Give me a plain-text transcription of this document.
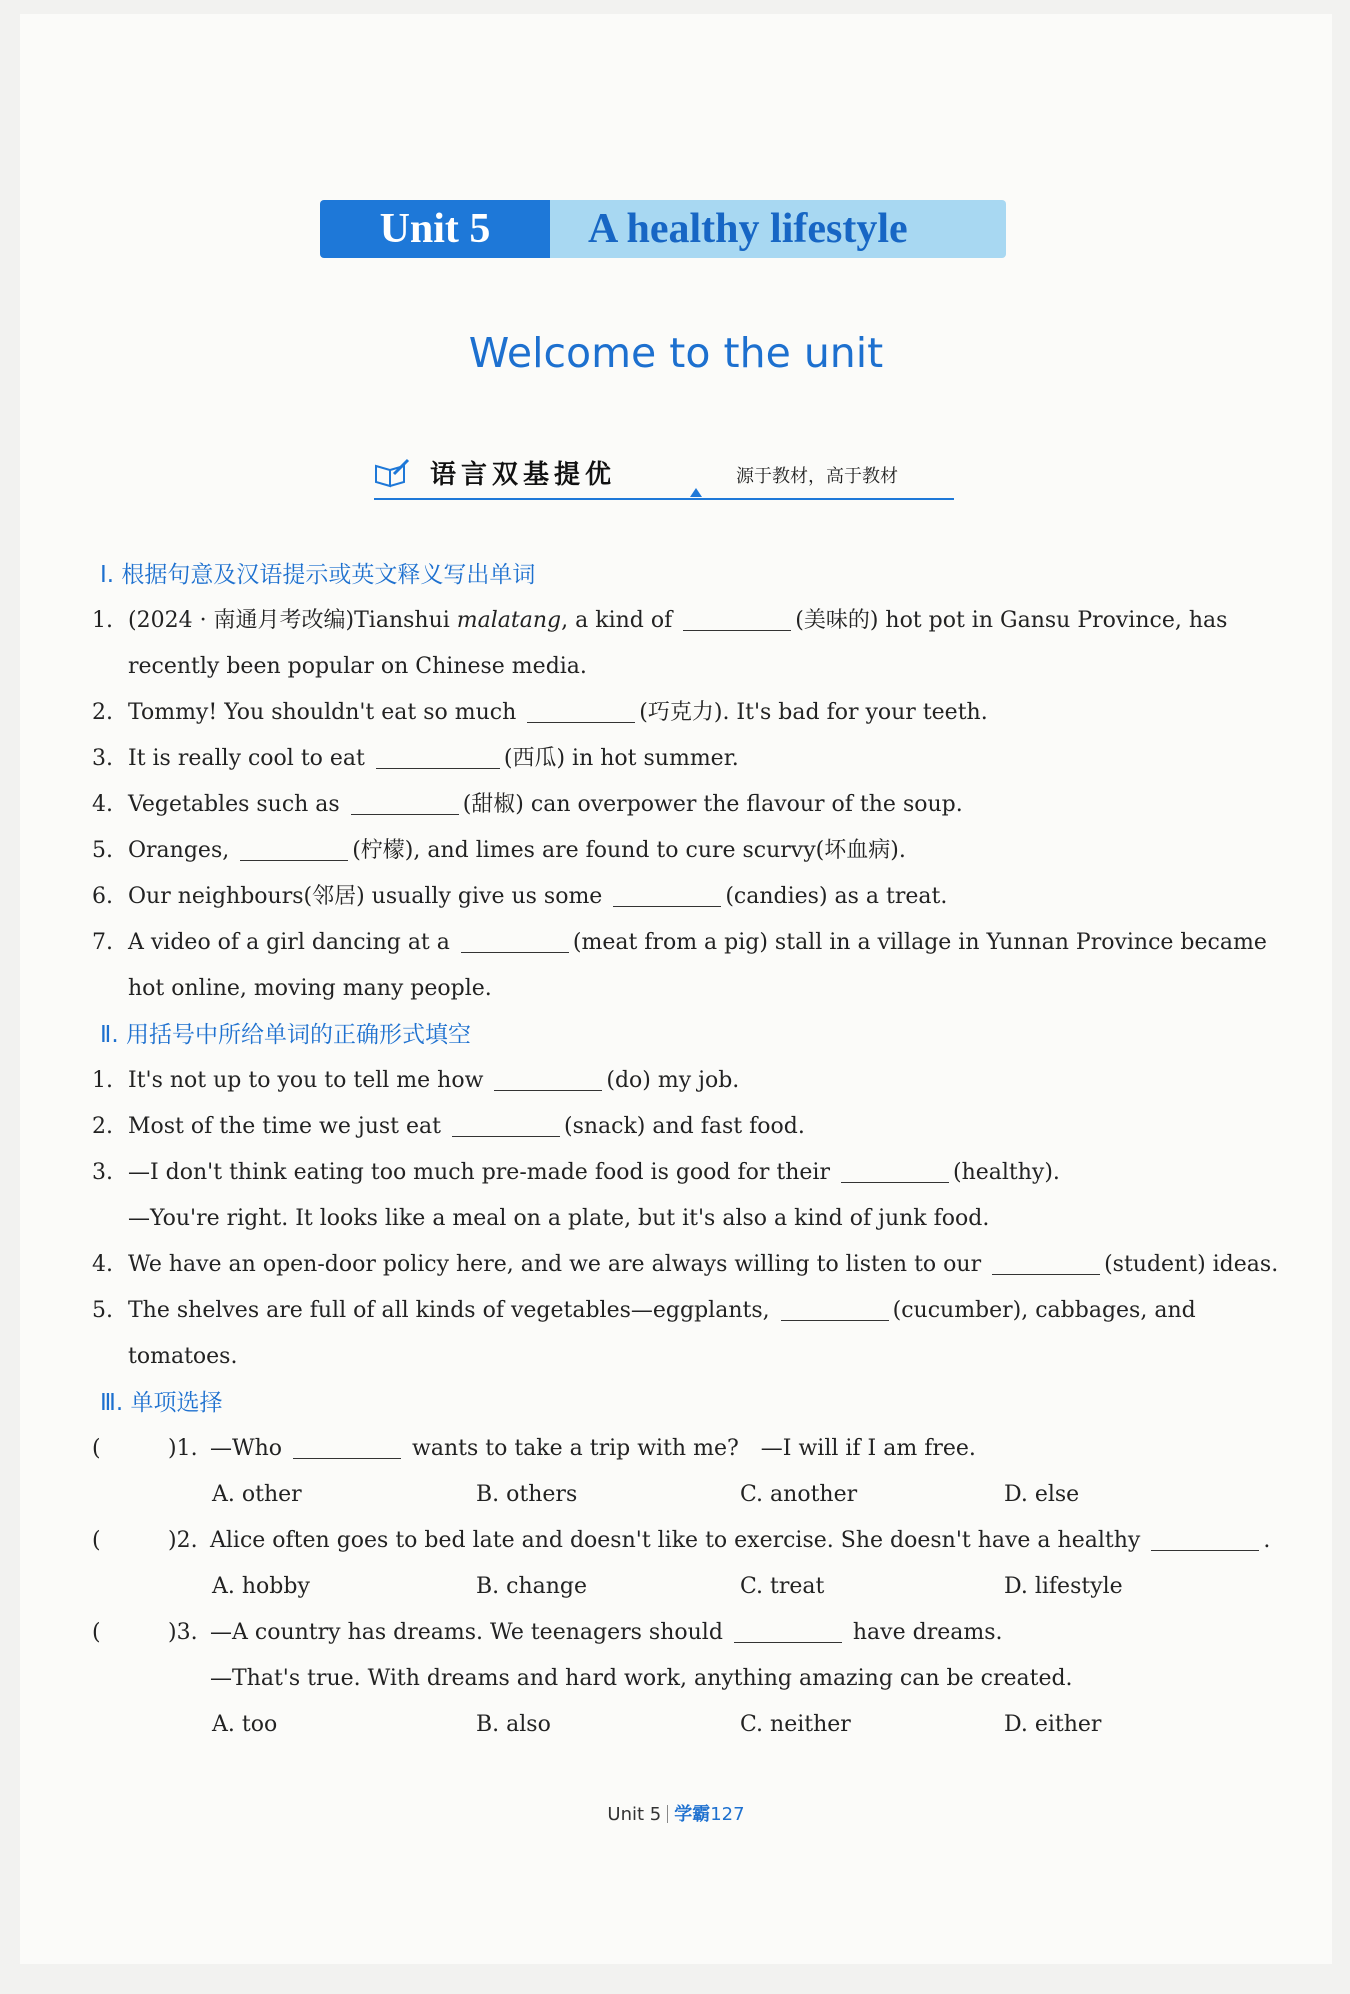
Unit 5	A healthy lifestyle
Welcome to the unit
语言双基提优	源于教材，高于教材
Ⅰ. 根据句意及汉语提示或英文释义写出单词
1. (2024 · 南通月考改编)Tianshui malatang, a kind of	(美味的) hot pot in Gansu Province, has recently been popular on Chinese media.
2. Tommy! You shouldn't eat so much	(巧克力). It's bad for your teeth.
3. It is really cool to eat	(西瓜) in hot summer.
4. Vegetables such as	(甜椒) can overpower the flavour of the soup.
5. Oranges,	(柠檬), and limes are found to cure scurvy(坏血病).
6. Our neighbours(邻居) usually give us some	(candies) as a treat.
7. A video of a girl dancing at a	(meat from a pig) stall in a village in Yunnan Province became hot online, moving many people.
Ⅱ. 用括号中所给单词的正确形式填空
1. It's not up to you to tell me how	(do) my job.
2. Most of the time we just eat	(snack) and fast food.
3. —I don't think eating too much pre-made food is good for their	(healthy).
—You're right. It looks like a meal on a plate, but it's also a kind of junk food.
4. We have an open-door policy here, and we are always willing to listen to our	(student) ideas.
5. The shelves are full of all kinds of vegetables—eggplants,	(cucumber), cabbages, and tomatoes.
Ⅲ. 单项选择
(	)1. —Who	wants to take a trip with me?　—I will if I am free.
A. other	B. others	C. another	D. else
(	)2. Alice often goes to bed late and doesn't like to exercise. She doesn't have a healthy	.
A. hobby	B. change	C. treat	D. lifestyle
(	)3. —A country has dreams. We teenagers should	have dreams.
—That's true. With dreams and hard work, anything amazing can be created.
A. too	B. also	C. neither	D. either
Unit 5 学霸127
